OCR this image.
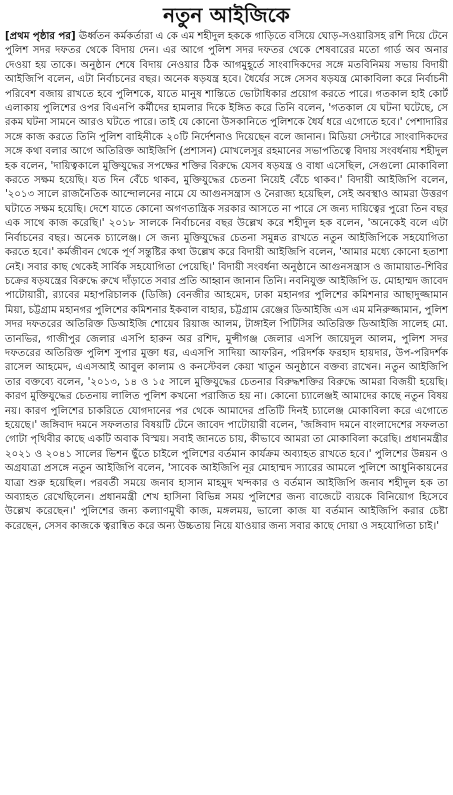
নতুন আইজিকে

[প্রথম পৃষ্ঠার পর] ঊর্ধ্বতন কর্মকর্তারা এ কে এম শহীদুল হককে গাড়িতে বসিয়ে ঘোড়-সওয়ারিসহ রশি দিয়ে টেনে পুলিশ সদর দফতর থেকে বিদায় দেন। এর আগে পুলিশ সদর দফতর থেকে শেষবারের মতো গার্ড অব অনার দেওয়া হয় তাকে। অনুষ্ঠান শেষে বিদায় নেওয়ার ঠিক আগমুহূর্তে সাংবাদিকদের সঙ্গে মতবিনিময় সভায় বিদায়ী আইজিপি বলেন, এটা নির্বাচনের বছর। অনেক ষড়যন্ত্র হবে। ধৈর্যের সঙ্গে সেসব ষড়যন্ত্র মোকাবিলা করে নির্বাচনী পরিবেশ বজায় রাখতে হবে পুলিশকে, যাতে মানুষ শান্তিতে ভোটাধিকার প্রয়োগ করতে পারে। গতকাল হাই কোর্ট এলাকায় পুলিশের ওপর বিএনপি কর্মীদের হামলার দিকে ইঙ্গিত করে তিনি বলেন, 'গতকাল যে ঘটনা ঘটেছে, সে রকম ঘটনা সামনে আরও ঘটতে পারে। তাই যে কোনো উসকানিতে পুলিশকে ধৈর্য ধরে এগোতে হবে।' পেশাদারির সঙ্গে কাজ করতে তিনি পুলিশ বাহিনীকে ২০টি নির্দেশনাও দিয়েছেন বলে জানান। মিডিয়া সেন্টারে সাংবাদিকদের সঙ্গে কথা বলার আগে অতিরিক্ত আইজিপি (প্রশাসন) মোখলেসুর রহমানের সভাপতিত্বে বিদায় সংবর্ধনায় শহীদুল হক বলেন, 'দায়িত্বকালে মুক্তিযুদ্ধের সপক্ষের শক্তির বিরুদ্ধে যেসব ষড়যন্ত্র ও বাধা এসেছিল, সেগুলো মোকাবিলা করতে সক্ষম হয়েছি। যত দিন বেঁচে থাকব, মুক্তিযুদ্ধের চেতনা নিয়েই বেঁচে থাকব।' বিদায়ী আইজিপি বলেন, '২০১৩ সালে রাজনৈতিক আন্দোলনের নামে যে আগুনসন্ত্রাস ও নৈরাজ্য হয়েছিল, সেই অবস্থাও আমরা উত্তরণ ঘটাতে সক্ষম হয়েছি। দেশে যাতে কোনো অগণতান্ত্রিক সরকার আসতে না পারে সে জন্য দায়িত্বের পুরো তিন বছর এক সাথে কাজ করেছি।' ২০১৮ সালকে নির্বাচনের বছর উল্লেখ করে শহীদুল হক বলেন, 'অনেকেই বলে এটা নির্বাচনের বছর। অনেক চ্যালেঞ্জ। সে জন্য মুক্তিযুদ্ধের চেতনা সমুন্নত রাখতে নতুন আইজিপিকে সহযোগিতা করতে হবে।' কর্মজীবন থেকে পূর্ণ সন্তুষ্টির কথা উল্লেখ করে বিদায়ী আইজিপি বলেন, 'আমার মধ্যে কোনো হতাশা নেই। সবার কাছ থেকেই সার্বিক সহযোগিতা পেয়েছি।' বিদায়ী সংবর্ধনা অনুষ্ঠানে আগুনসন্ত্রাস ও জামায়াত-শিবির চক্রের ষড়যন্ত্রের বিরুদ্ধে রুখে দাঁড়াতে সবার প্রতি আহ্বান জানান তিনি। নবনিযুক্ত আইজিপি ড. মোহাম্মদ জাবেদ পাটোয়ারী, র‌্যাবের মহাপরিচালক (ডিজি) বেনজীর আহমেদ, ঢাকা মহানগর পুলিশের কমিশনার আছাদুজ্জামান মিয়া, চট্টগ্রাম মহানগর পুলিশের কমিশনার ইকবাল বাহার, চট্টগ্রাম রেঞ্জের ডিআইজি এস এম মনিরুজ্জামান, পুলিশ সদর দফতরের অতিরিক্ত ডিআইজি শোয়েব রিয়াজ আলম, টাঙ্গাইল পিটিসির অতিরিক্ত ডিআইজি সালেহ মো. তানভির, গাজীপুর জেলার এসপি হারুন অর রশিদ, মুন্সীগঞ্জ জেলার এসপি জায়েদুল আলম, পুলিশ সদর দফতরের অতিরিক্ত পুলিশ সুপার মুক্তা ধর, এএসপি সাদিয়া আফরিন, পরিদর্শক ফরহাদ হায়দার, উপ-পরিদর্শক রাসেল আহমেদ, এএসআই আবুল কালাম ও কনস্টেবল কেয়া খাতুন অনুষ্ঠানে বক্তব্য রাখেন। নতুন আইজিপি তার বক্তব্যে বলেন, '২০১৩, ১৪ ও ১৫ সালে মুক্তিযুদ্ধের চেতনার বিরুদ্ধশক্তির বিরুদ্ধে আমরা বিজয়ী হয়েছি। কারণ মুক্তিযুদ্ধের চেতনায় লালিত পুলিশ কখনো পরাজিত হয় না। কোনো চ্যালেঞ্জই আমাদের কাছে নতুন বিষয় নয়। কারণ পুলিশের চাকরিতে যোগদানের পর থেকে আমাদের প্রতিটি দিনই চ্যালেঞ্জ মোকাবিলা করে এগোতে হয়েছে।' জঙ্গিবাদ দমনে সফলতার বিষয়টি টেনে জাবেদ পাটোয়ারী বলেন, 'জঙ্গিবাদ দমনে বাংলাদেশের সফলতা গোটা পৃথিবীর কাছে একটি অবাক বিস্ময়। সবাই জানতে চায়, কীভাবে আমরা তা মোকাবিলা করেছি। প্রধানমন্ত্রীর ২০২১ ও ২০৪১ সালের ভিশন ছুঁতে চাইলে পুলিশের বর্তমান কার্যক্রম অব্যাহত রাখতে হবে।' পুলিশের উন্নয়ন ও অগ্রযাত্রা প্রসঙ্গে নতুন আইজিপি বলেন, 'সাবেক আইজিপি নূর মোহাম্মদ স্যারের আমলে পুলিশে আধুনিকায়নের যাত্রা শুরু হয়েছিল। পরবর্তী সময়ে জনাব হাসান মাহমুদ খন্দকার ও বর্তমান আইজিপি জনাব শহীদুল হক তা অব্যাহত রেখেছিলেন। প্রধানমন্ত্রী শেখ হাসিনা বিভিন্ন সময় পুলিশের জন্য বাজেটে ব্যয়কে বিনিয়োগ হিসেবে উল্লেখ করেছেন।' পুলিশের জন্য কল্যাণমুখী কাজ, মঙ্গলময়, ভালো কাজ যা বর্তমান আইজিপি করার চেষ্টা করেছেন, সেসব কাজকে ত্বরান্বিত করে অন্য উচ্চতায় নিয়ে যাওয়ার জন্য সবার কাছে দোয়া ও সহযোগিতা চাই।'
